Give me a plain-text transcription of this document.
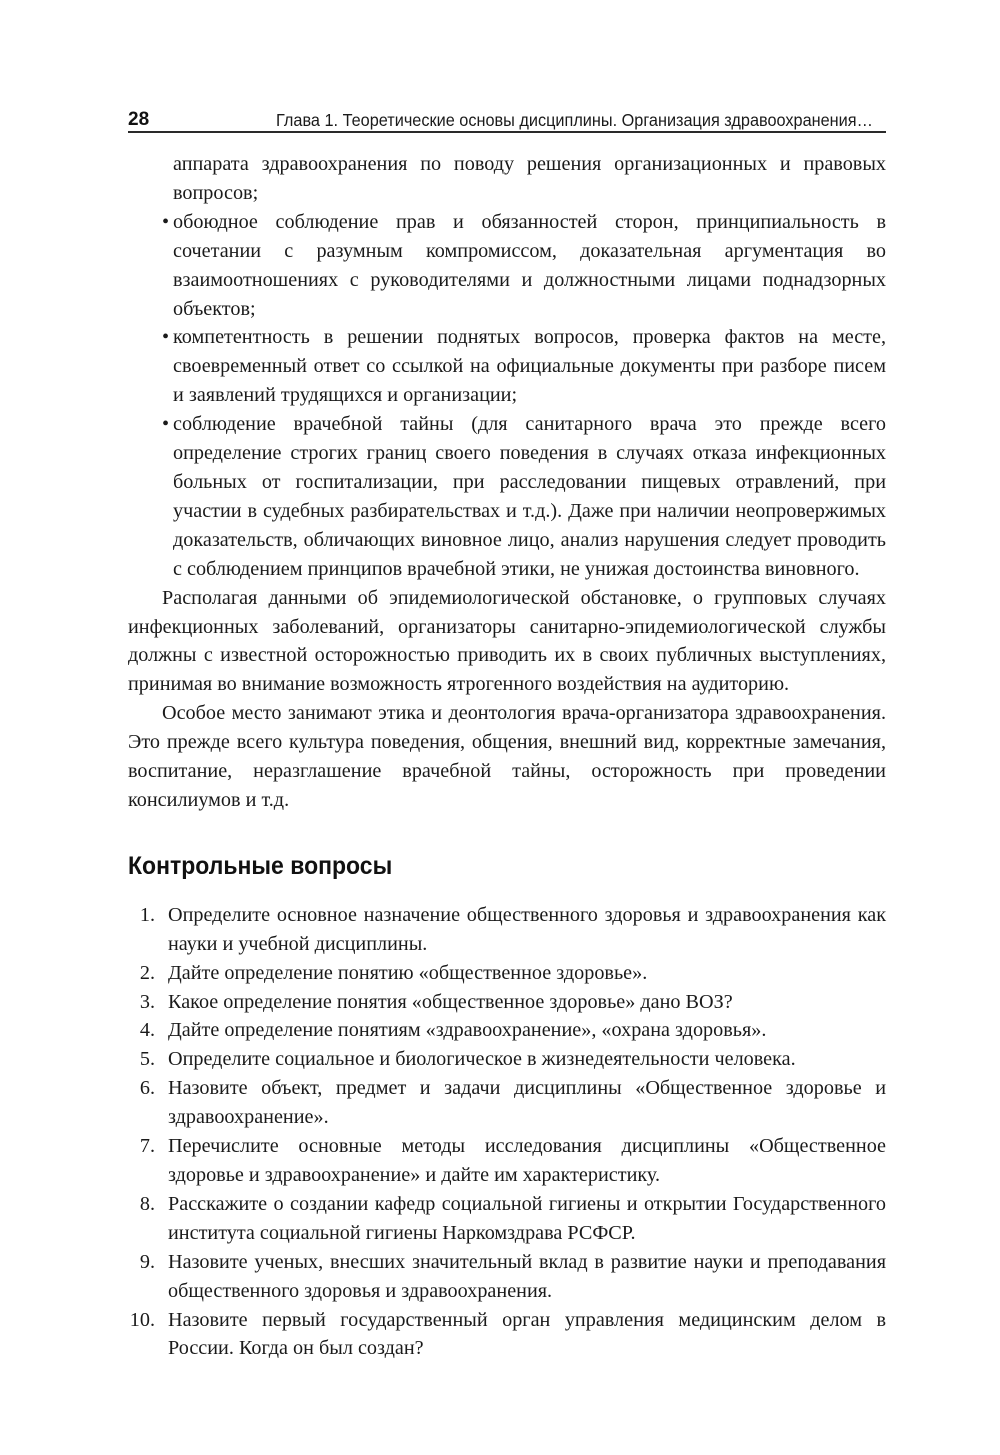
28	Глава 1. Теоретические основы дисциплины. Организация здравоохранения…

аппарата здравоохранения по поводу решения организационных и правовых вопросов;

• обоюдное соблюдение прав и обязанностей сторон, принципиальность в сочетании с разумным компромиссом, доказательная аргументация во взаимоотношениях с руководителями и должностными лицами поднадзорных объектов;
• компетентность в решении поднятых вопросов, проверка фактов на месте, своевременный ответ со ссылкой на официальные документы при разборе писем и заявлений трудящихся и организации;
• соблюдение врачебной тайны (для санитарного врача это прежде всего определение строгих границ своего поведения в случаях отказа инфекционных больных от госпитализации, при расследовании пищевых отравлений, при участии в судебных разбирательствах и т.д.). Даже при наличии неопровержимых доказательств, обличающих виновное лицо, анализ нарушения следует проводить с соблюдением принципов врачебной этики, не унижая достоинства виновного.

Располагая данными об эпидемиологической обстановке, о групповых случаях инфекционных заболеваний, организаторы санитарно-эпидемиологической службы должны с известной осторожностью приводить их в своих публичных выступлениях, принимая во внимание возможность ятрогенного воздействия на аудиторию.

Особое место занимают этика и деонтология врача-организатора здравоохранения. Это прежде всего культура поведения, общения, внешний вид, корректные замечания, воспитание, неразглашение врачебной тайны, осторожность при проведении консилиумов и т.д.

Контрольные вопросы
1. Определите основное назначение общественного здоровья и здравоохранения как науки и учебной дисциплины.
2. Дайте определение понятию «общественное здоровье».
3. Какое определение понятия «общественное здоровье» дано ВОЗ?
4. Дайте определение понятиям «здравоохранение», «охрана здоровья».
5. Определите социальное и биологическое в жизнедеятельности человека.
6. Назовите объект, предмет и задачи дисциплины «Общественное здоровье и здравоохранение».
7. Перечислите основные методы исследования дисциплины «Общественное здоровье и здравоохранение» и дайте им характеристику.
8. Расскажите о создании кафедр социальной гигиены и открытии Государственного института социальной гигиены Наркомздрава РСФСР.
9. Назовите ученых, внесших значительный вклад в развитие науки и преподавания общественного здоровья и здравоохранения.
10. Назовите первый государственный орган управления медицинским делом в России. Когда он был создан?
